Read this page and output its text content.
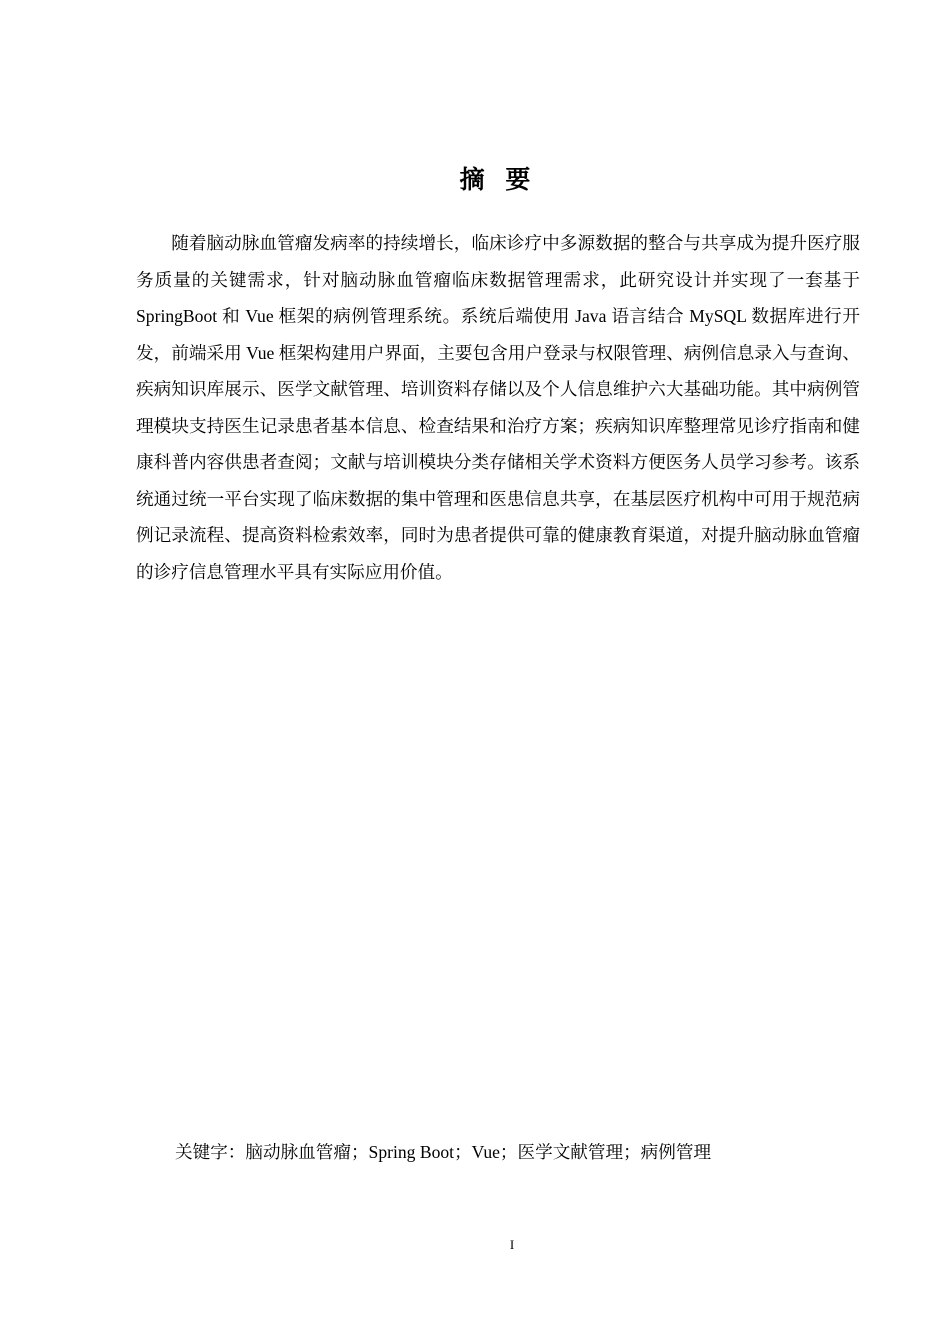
摘 要

随着脑动脉血管瘤发病率的持续增长，临床诊疗中多源数据的整合与共享成为提升医疗服务质量的关键需求，针对脑动脉血管瘤临床数据管理需求，此研究设计并实现了一套基于 SpringBoot 和 Vue 框架的病例管理系统。系统后端使用 Java 语言结合 MySQL 数据库进行开发，前端采用 Vue 框架构建用户界面，主要包含用户登录与权限管理、病例信息录入与查询、疾病知识库展示、医学文献管理、培训资料存储以及个人信息维护六大基础功能。其中病例管理模块支持医生记录患者基本信息、检查结果和治疗方案；疾病知识库整理常见诊疗指南和健康科普内容供患者查阅；文献与培训模块分类存储相关学术资料方便医务人员学习参考。该系统通过统一平台实现了临床数据的集中管理和医患信息共享，在基层医疗机构中可用于规范病例记录流程、提高资料检索效率，同时为患者提供可靠的健康教育渠道，对提升脑动脉血管瘤的诊疗信息管理水平具有实际应用价值。

关键字：脑动脉血管瘤；Spring Boot；Vue；医学文献管理；病例管理

I
